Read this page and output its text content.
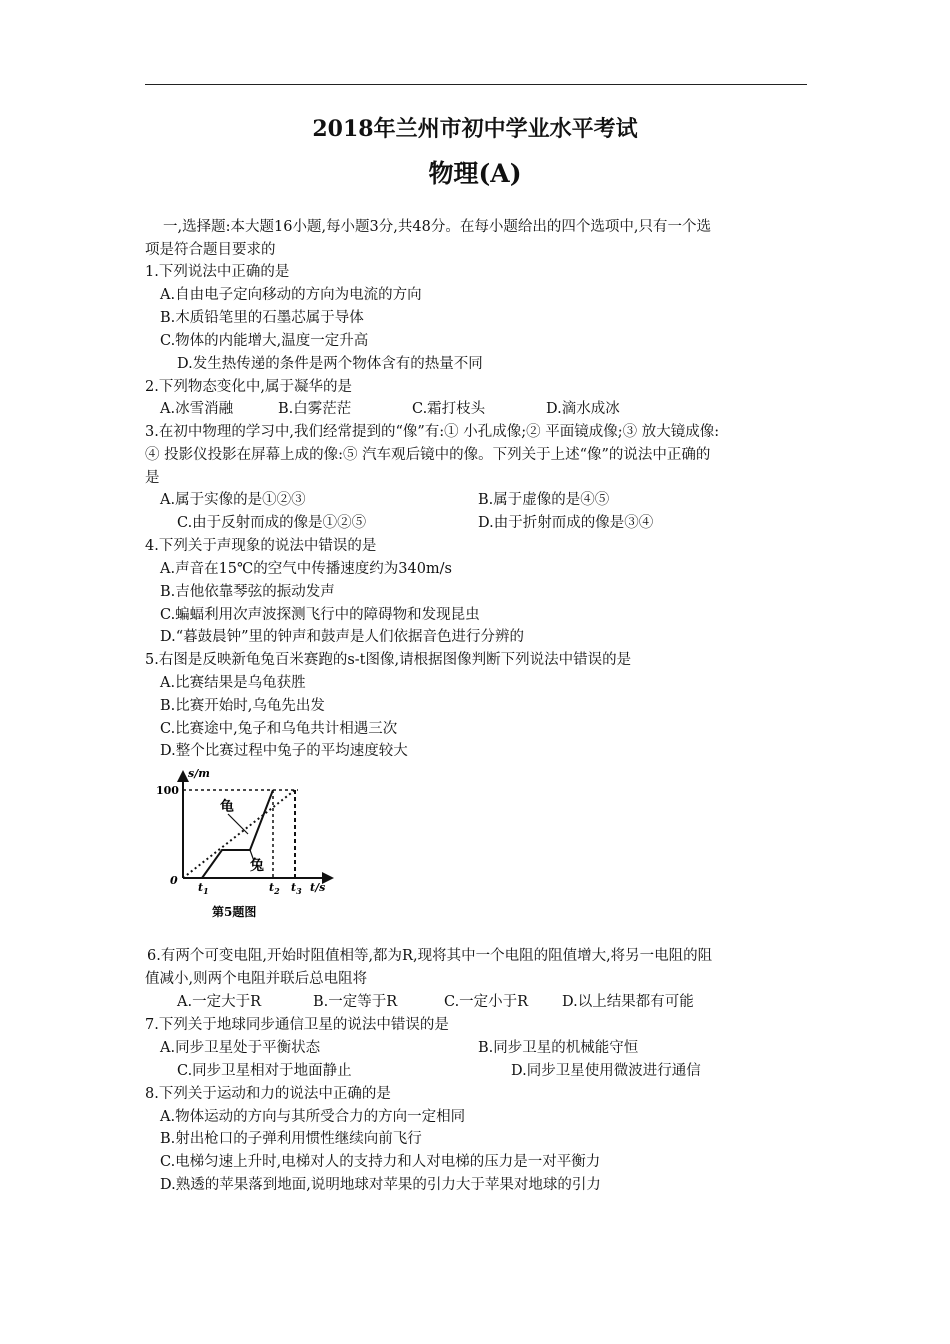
2018年兰州市初中学业水平考试
物理(A)
一,选择题:本大题16小题,每小题3分,共48分。在每小题给出的四个选项中,只有一个选
项是符合题目要求的
1.下列说法中正确的是
A.自由电子定向移动的方向为电流的方向
B.木质铅笔里的石墨芯属于导体
C.物体的内能增大,温度一定升高
D.发生热传递的条件是两个物体含有的热量不同
2.下列物态变化中,属于凝华的是
A.冰雪消融	B.白雾茫茫	C.霜打枝头	D.滴水成冰
3.在初中物理的学习中,我们经常提到的“像”有:① 小孔成像;② 平面镜成像;③ 放大镜成像:
④ 投影仪投影在屏幕上成的像:⑤ 汽车观后镜中的像。下列关于上述“像”的说法中正确的
是
A.属于实像的是①②③	B.属于虚像的是④⑤
C.由于反射而成的像是①②⑤	D.由于折射而成的像是③④
4.下列关于声现象的说法中错误的是
A.声音在15℃的空气中传播速度约为340m/s
B.吉他依靠琴弦的振动发声
C.蝙蝠利用次声波探测飞行中的障碍物和发现昆虫
D.“暮鼓晨钟”里的钟声和鼓声是人们依据音色进行分辨的
5.右图是反映新龟兔百米赛跑的s-t图像,请根据图像判断下列说法中错误的是
A.比赛结果是乌龟获胜
B.比赛开始时,乌龟先出发
C.比赛途中,兔子和乌龟共计相遇三次
D.整个比赛过程中兔子的平均速度较大
s/m
100
0
$t_1$	$t_2$ $t_3$ t/s
龟
兔
第5题图
6.有两个可变电阻,开始时阻值相等,都为R,现将其中一个电阻的阻值增大,将另一电阻的阻
值减小,则两个电阻并联后总电阻将
A.一定大于R	B.一定等于R	C.一定小于R D.以上结果都有可能
7.下列关于地球同步通信卫星的说法中错误的是
A.同步卫星处于平衡状态	B.同步卫星的机械能守恒
C.同步卫星相对于地面静止	D.同步卫星使用微波进行通信
8.下列关于运动和力的说法中正确的是
A.物体运动的方向与其所受合力的方向一定相同
B.射出枪口的子弹利用惯性继续向前飞行
C.电梯匀速上升时,电梯对人的支持力和人对电梯的压力是一对平衡力
D.熟透的苹果落到地面,说明地球对苹果的引力大于苹果对地球的引力
